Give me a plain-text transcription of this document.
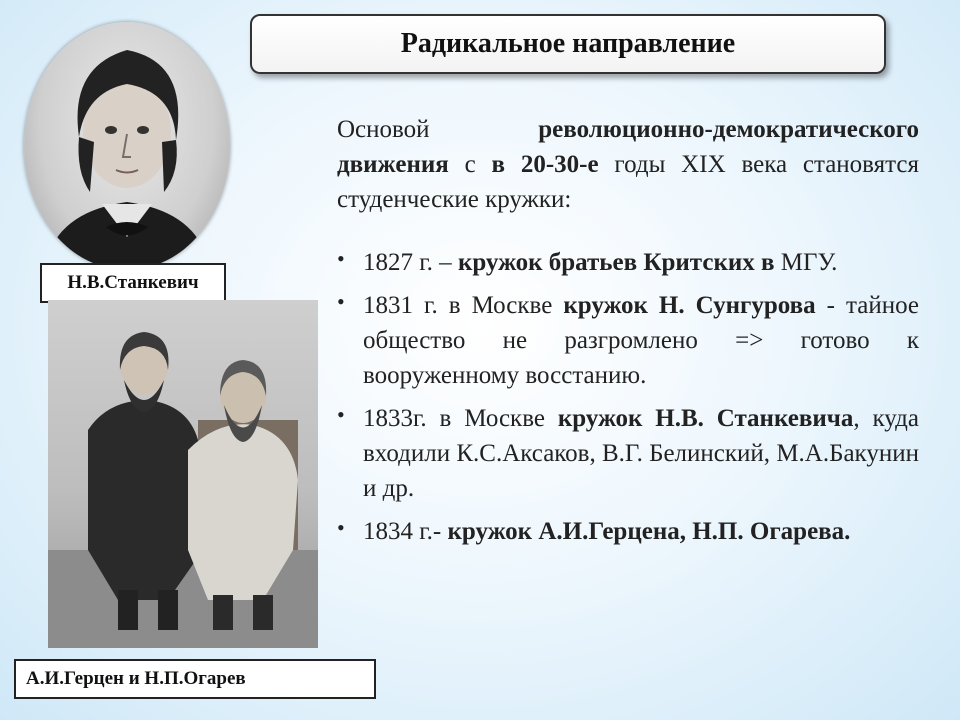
Радикальное направление
Н.В.Станкевич
А.И.Герцен и Н.П.Огарев

Основой революционно-демократического движения с в 20-30-е годы XIX века становятся студенческие кружки:

• 1827 г. – кружок братьев Критских в МГУ.
• 1831 г. в Москве кружок Н. Сунгурова - тайное общество не разгромлено => готово к вооруженному восстанию.
• 1833г. в Москве кружок Н.В. Станкевича, куда входили К.С.Аксаков, В.Г. Белинский, М.А.Бакунин и др.
• 1834 г.- кружок А.И.Герцена, Н.П. Огарева.
